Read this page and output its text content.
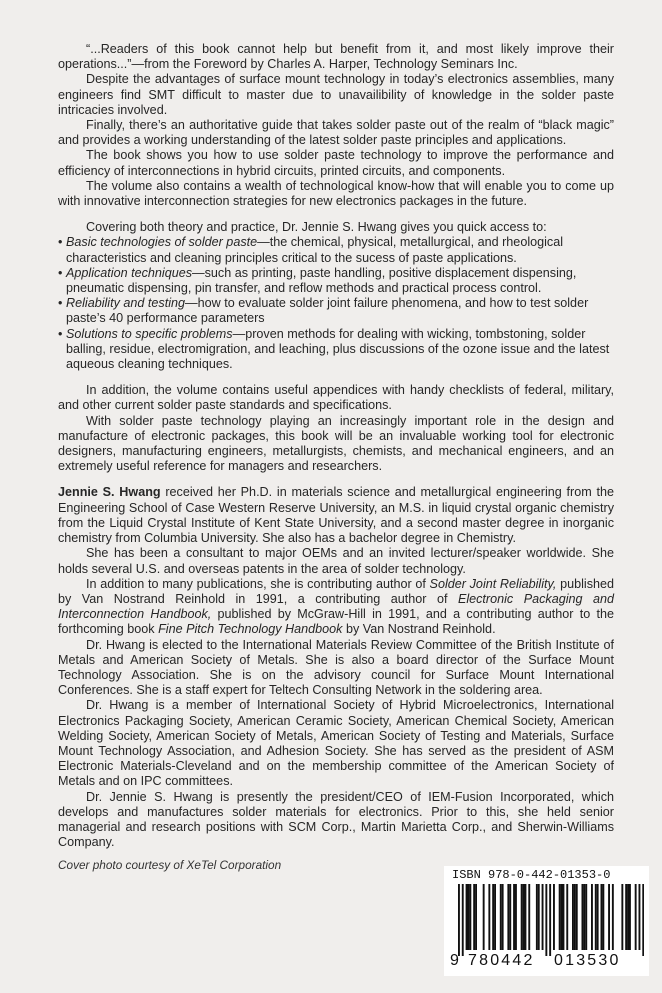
“...Readers of this book cannot help but benefit from it, and most likely improve their operations...”—from the Foreword by Charles A. Harper, Technology Seminars Inc.

Despite the advantages of surface mount technology in today’s electronics assemblies, many engineers find SMT difficult to master due to unavailibility of knowledge in the solder paste intricacies involved.

Finally, there’s an authoritative guide that takes solder paste out of the realm of “black magic” and provides a working understanding of the latest solder paste principles and applications.

The book shows you how to use solder paste technology to improve the performance and efficiency of interconnections in hybrid circuits, printed circuits, and components.

The volume also contains a wealth of technological know-how that will enable you to come up with innovative interconnection strategies for new electronics packages in the future.

Covering both theory and practice, Dr. Jennie S. Hwang gives you quick access to:

• Basic technologies of solder paste—the chemical, physical, metallurgical, and rheological characteristics and cleaning principles critical to the sucess of paste applications.
• Application techniques—such as printing, paste handling, positive displacement dispensing, pneumatic dispensing, pin transfer, and reflow methods and practical process control.
• Reliability and testing—how to evaluate solder joint failure phenomena, and how to test solder paste’s 40 performance parameters
• Solutions to specific problems—proven methods for dealing with wicking, tombstoning, solder balling, residue, electromigration, and leaching, plus discussions of the ozone issue and the latest aqueous cleaning techniques.

In addition, the volume contains useful appendices with handy checklists of federal, military, and other current solder paste standards and specifications.

With solder paste technology playing an increasingly important role in the design and manufacture of electronic packages, this book will be an invaluable working tool for electronic designers, manufacturing engineers, metallurgists, chemists, and mechanical engineers, and an extremely useful reference for managers and researchers.

Jennie S. Hwang received her Ph.D. in materials science and metallurgical engineering from the Engineering School of Case Western Reserve University, an M.S. in liquid crystal organic chemistry from the Liquid Crystal Institute of Kent State University, and a second master degree in inorganic chemistry from Columbia University. She also has a bachelor degree in Chemistry.

She has been a consultant to major OEMs and an invited lecturer/speaker worldwide. She holds several U.S. and overseas patents in the area of solder technology.

In addition to many publications, she is contributing author of Solder Joint Reliability, published by Van Nostrand Reinhold in 1991, a contributing author of Electronic Packaging and Interconnection Handbook, published by McGraw-Hill in 1991, and a contributing author to the forthcoming book Fine Pitch Technology Handbook by Van Nostrand Reinhold.

Dr. Hwang is elected to the International Materials Review Committee of the British Institute of Metals and American Society of Metals. She is also a board director of the Surface Mount Technology Association. She is on the advisory council for Surface Mount International Conferences. She is a staff expert for Teltech Consulting Network in the soldering area.

Dr. Hwang is a member of International Society of Hybrid Microelectronics, International Electronics Packaging Society, American Ceramic Society, American Chemical Society, American Welding Society, American Society of Metals, American Society of Testing and Materials, Surface Mount Technology Association, and Adhesion Society. She has served as the president of ASM Electronic Materials-Cleveland and on the membership committee of the American Society of Metals and on IPC committees.

Dr. Jennie S. Hwang is presently the president/CEO of IEM-Fusion Incorporated, which develops and manufactures solder materials for electronics. Prior to this, she held senior managerial and research positions with SCM Corp., Martin Marietta Corp., and Sherwin-Williams Company.

Cover photo courtesy of XeTel Corporation
ISBN 978-0-442-01353-0
9 780442 013530
